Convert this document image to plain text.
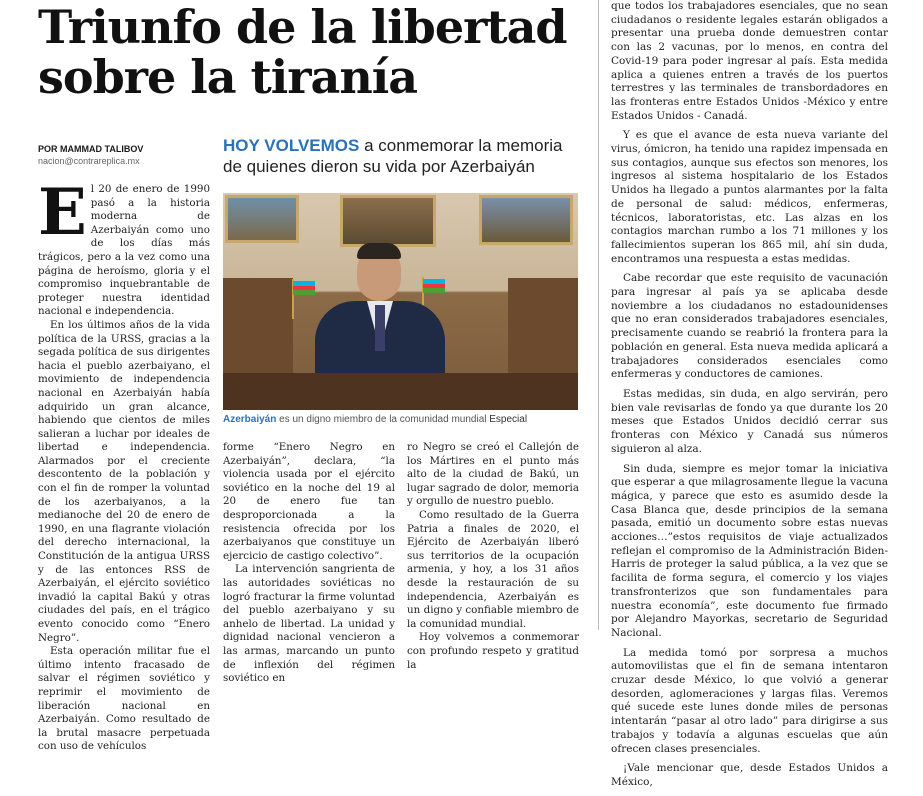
Triunfo de la libertad sobre la tiranía
POR MAMMAD TALIBOV
nacion@contrareplica.mx
HOY VOLVEMOS a conmemorar la memoria de quienes dieron su vida por Azerbaiyán
Azerbaiyán es un digno miembro de la comunidad mundial Especial

El 20 de enero de 1990 pasó a la historia moderna de Azerbaiyán como uno de los días más trágicos, pero a la vez como una página de heroísmo, gloria y el compromiso inquebrantable de proteger nuestra identidad nacional e independencia.

En los últimos años de la vida política de la URSS, gracias a la segada política de sus dirigentes hacia el pueblo azerbaiyano, el movimiento de independencia nacional en Azerbaiyán había adquirido un gran alcance, habiendo que cientos de miles salieran a luchar por ideales de libertad e independencia. Alarmados por el creciente descontento de la población y con el fin de romper la voluntad de los azerbaiyanos, a la medianoche del 20 de enero de 1990, en una flagrante violación del derecho internacional, la Constitución de la antigua URSS y de las entonces RSS de Azerbaiyán, el ejército soviético invadió la capital Bakú y otras ciudades del país, en el trágico evento conocido como “Enero Negro”.

Esta operación militar fue el último intento fracasado de salvar el régimen soviético y reprimir el movimiento de liberación nacional en Azerbaiyán. Como resultado de la brutal masacre perpetuada con uso de vehículos

forme “Enero Negro en Azerbaiyán”, declara, “la violencia usada por el ejército soviético en la noche del 19 al 20 de enero fue tan desproporcionada a la resistencia ofrecida por los azerbaiyanos que constituye un ejercicio de castigo colectivo”.

La intervención sangrienta de las autoridades soviéticas no logró fracturar la firme voluntad del pueblo azerbaiyano y su anhelo de libertad. La unidad y dignidad nacional vencieron a las armas, marcando un punto de inflexión del régimen soviético en

ro Negro se creó el Callejón de los Mártires en el punto más alto de la ciudad de Bakú, un lugar sagrado de dolor, memoria y orgullo de nuestro pueblo.

Como resultado de la Guerra Patria a finales de 2020, el Ejército de Azerbaiyán liberó sus territorios de la ocupación armenia, y hoy, a los 31 años desde la restauración de su independencia, Azerbaiyán es un digno y confiable miembro de la comunidad mundial.

Hoy volvemos a conmemorar con profundo respeto y gratitud la

que todos los trabajadores esenciales, que no sean ciudadanos o residente legales estarán obligados a presentar una prueba donde demuestren contar con las 2 vacunas, por lo menos, en contra del Covid-19 para poder ingresar al país. Esta medida aplica a quienes entren a través de los puertos terrestres y las terminales de transbordadores en las fronteras entre Estados Unidos -México y entre Estados Unidos - Canadá.

Y es que el avance de esta nueva variante del virus, ómicron, ha tenido una rapidez impensada en sus contagios, aunque sus efectos son menores, los ingresos al sistema hospitalario de los Estados Unidos ha llegado a puntos alarmantes por la falta de personal de salud: médicos, enfermeras, técnicos, laboratoristas, etc. Las alzas en los contagios marchan rumbo a los 71 millones y los fallecimientos superan los 865 mil, ahí sin duda, encontramos una respuesta a estas medidas.

Cabe recordar que este requisito de vacunación para ingresar al país ya se aplicaba desde noviembre a los ciudadanos no estadounidenses que no eran considerados trabajadores esenciales, precisamente cuando se reabrió la frontera para la población en general. Esta nueva medida aplicará a trabajadores considerados esenciales como enfermeras y conductores de camiones.

Estas medidas, sin duda, en algo servirán, pero bien vale revisarlas de fondo ya que durante los 20 meses que Estados Unidos decidió cerrar sus fronteras con México y Canadá sus números siguieron al alza.

Sin duda, siempre es mejor tomar la iniciativa que esperar a que milagrosamente llegue la vacuna mágica, y parece que esto es asumido desde la Casa Blanca que, desde principios de la semana pasada, emitió un documento sobre estas nuevas acciones…”estos requisitos de viaje actualizados reflejan el compromiso de la Administración Biden-Harris de proteger la salud pública, a la vez que se facilita de forma segura, el comercio y los viajes transfronterizos que son fundamentales para nuestra economía”, este documento fue firmado por Alejandro Mayorkas, secretario de Seguridad Nacional.

La medida tomó por sorpresa a muchos automovilistas que el fin de semana intentaron cruzar desde México, lo que volvió a generar desorden, aglomeraciones y largas filas. Veremos qué sucede este lunes donde miles de personas intentarán “pasar al otro lado” para dirigirse a sus trabajos y todavía a algunas escuelas que aún ofrecen clases presenciales.

¡Vale mencionar que, desde Estados Unidos a México,
